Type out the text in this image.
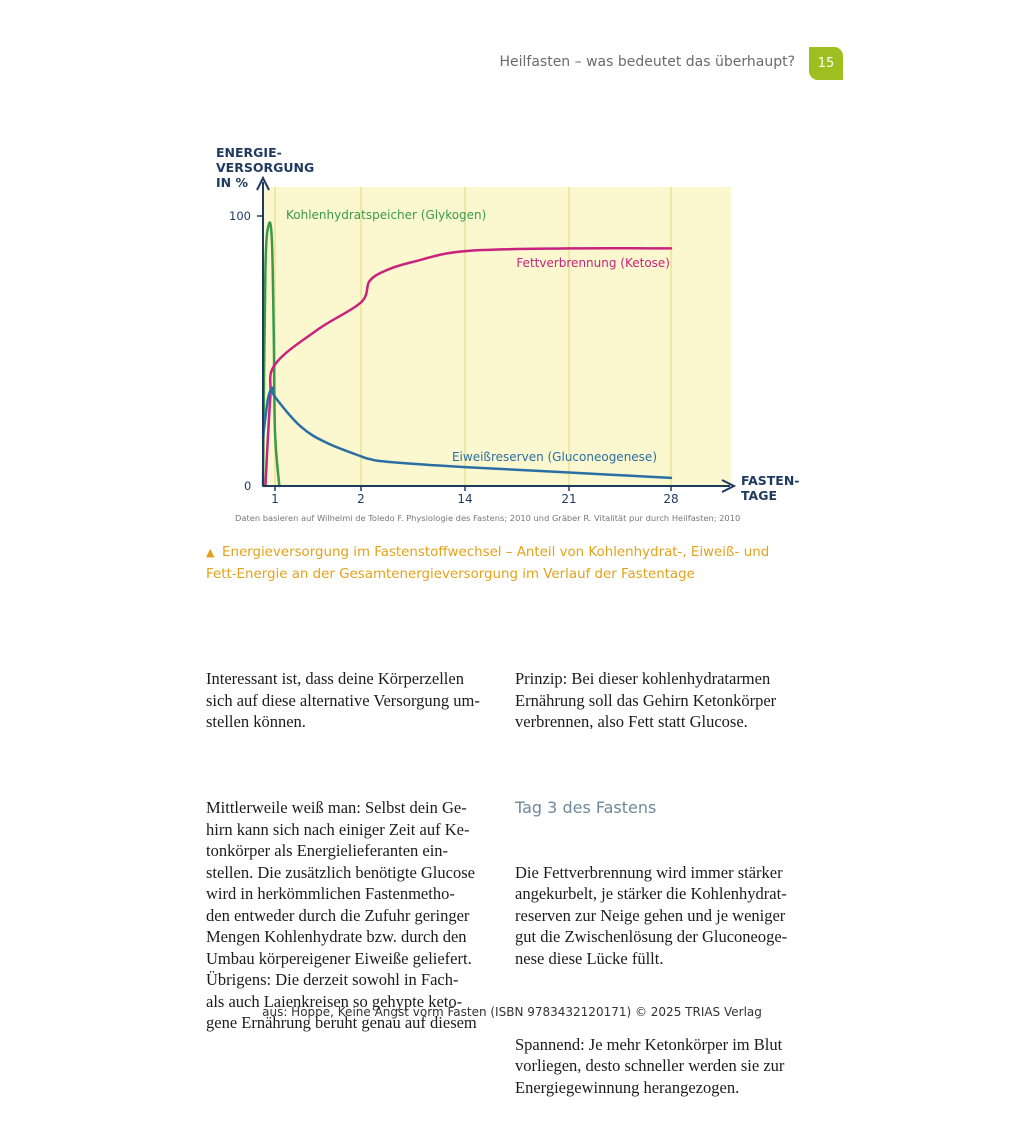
Heilfasten – was bedeutet das überhaupt?	15
ENERGIE-
VERSORGUNG
IN %
100
0
1	2	14	21	28
FASTEN-
TAGE
Kohlenhydratspeicher (Glykogen)
Fettverbrennung (Ketose)
Eiweißreserven (Gluconeogenese)
Daten basieren auf Wilhelmi de Toledo F. Physiologie des Fastens; 2010 und Gräber R. Vitalität pur durch Heilfasten; 2010
▲ Energieversorgung im Fastenstoffwechsel – Anteil von Kohlenhydrat-, Eiweiß- und
Fett-Energie an der Gesamtenergieversorgung im Verlauf der Fastentage

Interessant ist, dass deine Körperzellen
sich auf diese alternative Versorgung um-
stellen können.

Mittlerweile weiß man: Selbst dein Ge-
hirn kann sich nach einiger Zeit auf Ke-
tonkörper als Energielieferanten ein-
stellen. Die zusätzlich benötigte Glucose
wird in herkömmlichen Fastenmetho-
den entweder durch die Zufuhr geringer
Mengen Kohlenhydrate bzw. durch den
Umbau körpereigener Eiweiße geliefert.
Übrigens: Die derzeit sowohl in Fach-
als auch Laienkreisen so gehypte keto-
gene Ernährung beruht genau auf diesem

Prinzip: Bei dieser kohlenhydratarmen
Ernährung soll das Gehirn Ketonkörper
verbrennen, also Fett statt Glucose.

Tag 3 des Fastens

Die Fettverbrennung wird immer stärker
angekurbelt, je stärker die Kohlenhydrat-
reserven zur Neige gehen und je weniger
gut die Zwischenlösung der Gluconeoge-
nese diese Lücke füllt.

Spannend: Je mehr Ketonkörper im Blut
vorliegen, desto schneller werden sie zur
Energiegewinnung herangezogen.

aus: Hoppe, Keine Angst vorm Fasten (ISBN 9783432120171) © 2025 TRIAS Verlag
